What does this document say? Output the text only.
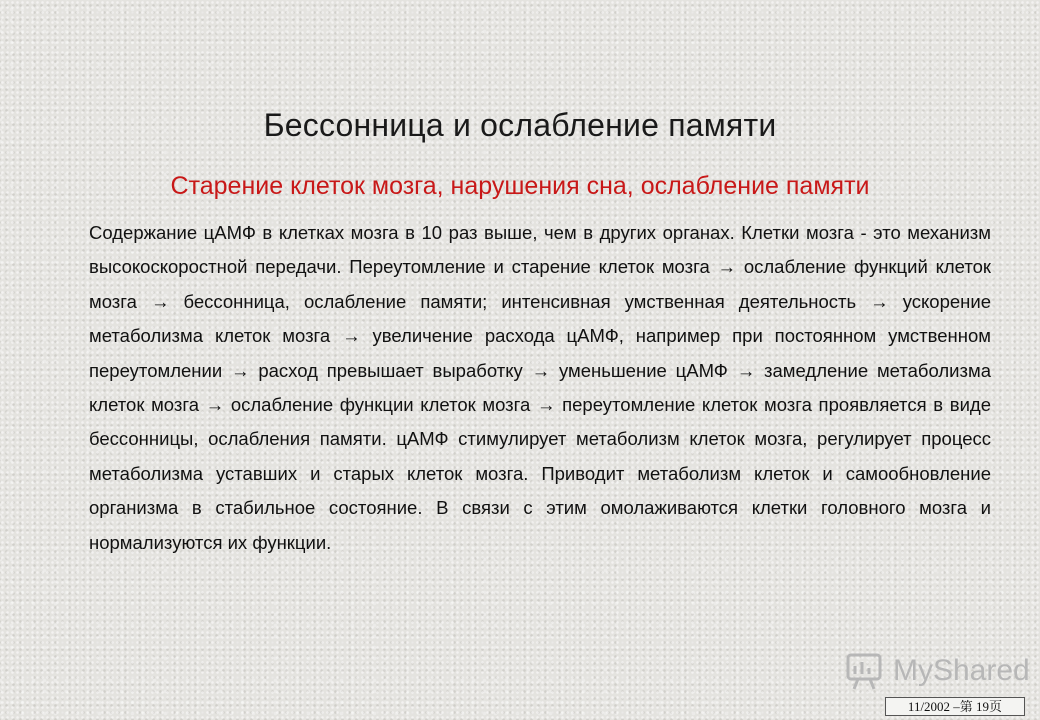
Бессонница и ослабление памяти
Старение клеток мозга, нарушения сна, ослабление памяти

Содержание цАМФ в клетках мозга в 10 раз выше, чем в других органах. Клетки мозга - это механизм высокоскоростной передачи. Переутомление и старение клеток мозга → ослабление функций клеток мозга → бессонница, ослабление памяти; интенсивная умственная деятельность → ускорение метаболизма клеток мозга → увеличение расхода цАМФ, например при постоянном умственном переутомлении → расход превышает выработку → уменьшение цАМФ → замедление метаболизма клеток мозга → ослабление функции клеток мозга → переутомление клеток мозга проявляется в виде бессонницы, ослабления памяти. цАМФ стимулирует метаболизм клеток мозга, регулирует процесс метаболизма уставших и старых клеток мозга. Приводит метаболизм клеток и самообновление организма в стабильное состояние. В связи с этим омолаживаются клетки головного мозга и нормализуются их функции.

MyShared
11/2002 –第 19页
